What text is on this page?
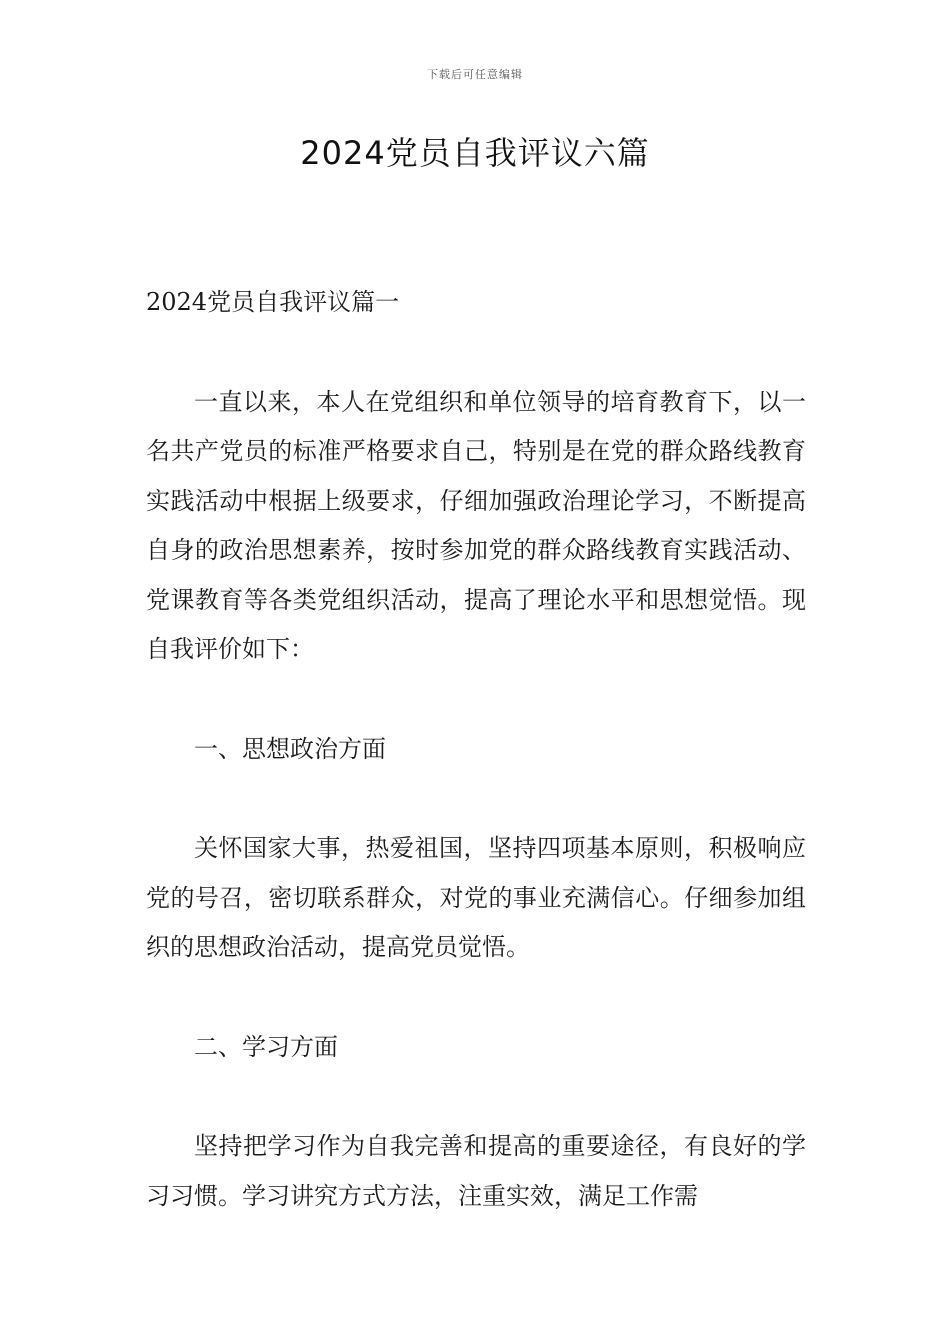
下载后可任意编辑
2024党员自我评议六篇

2024党员自我评议篇一

一直以来，本人在党组织和单位领导的培育教育下，以一名共产党员的标准严格要求自己，特别是在党的群众路线教育实践活动中根据上级要求，仔细加强政治理论学习，不断提高自身的政治思想素养，按时参加党的群众路线教育实践活动、党课教育等各类党组织活动，提高了理论水平和思想觉悟。现自我评价如下：

一、思想政治方面

关怀国家大事，热爱祖国，坚持四项基本原则，积极响应党的号召，密切联系群众，对党的事业充满信心。仔细参加组织的思想政治活动，提高党员觉悟。

二、学习方面

坚持把学习作为自我完善和提高的重要途径，有良好的学习习惯。学习讲究方式方法，注重实效，满足工作需
